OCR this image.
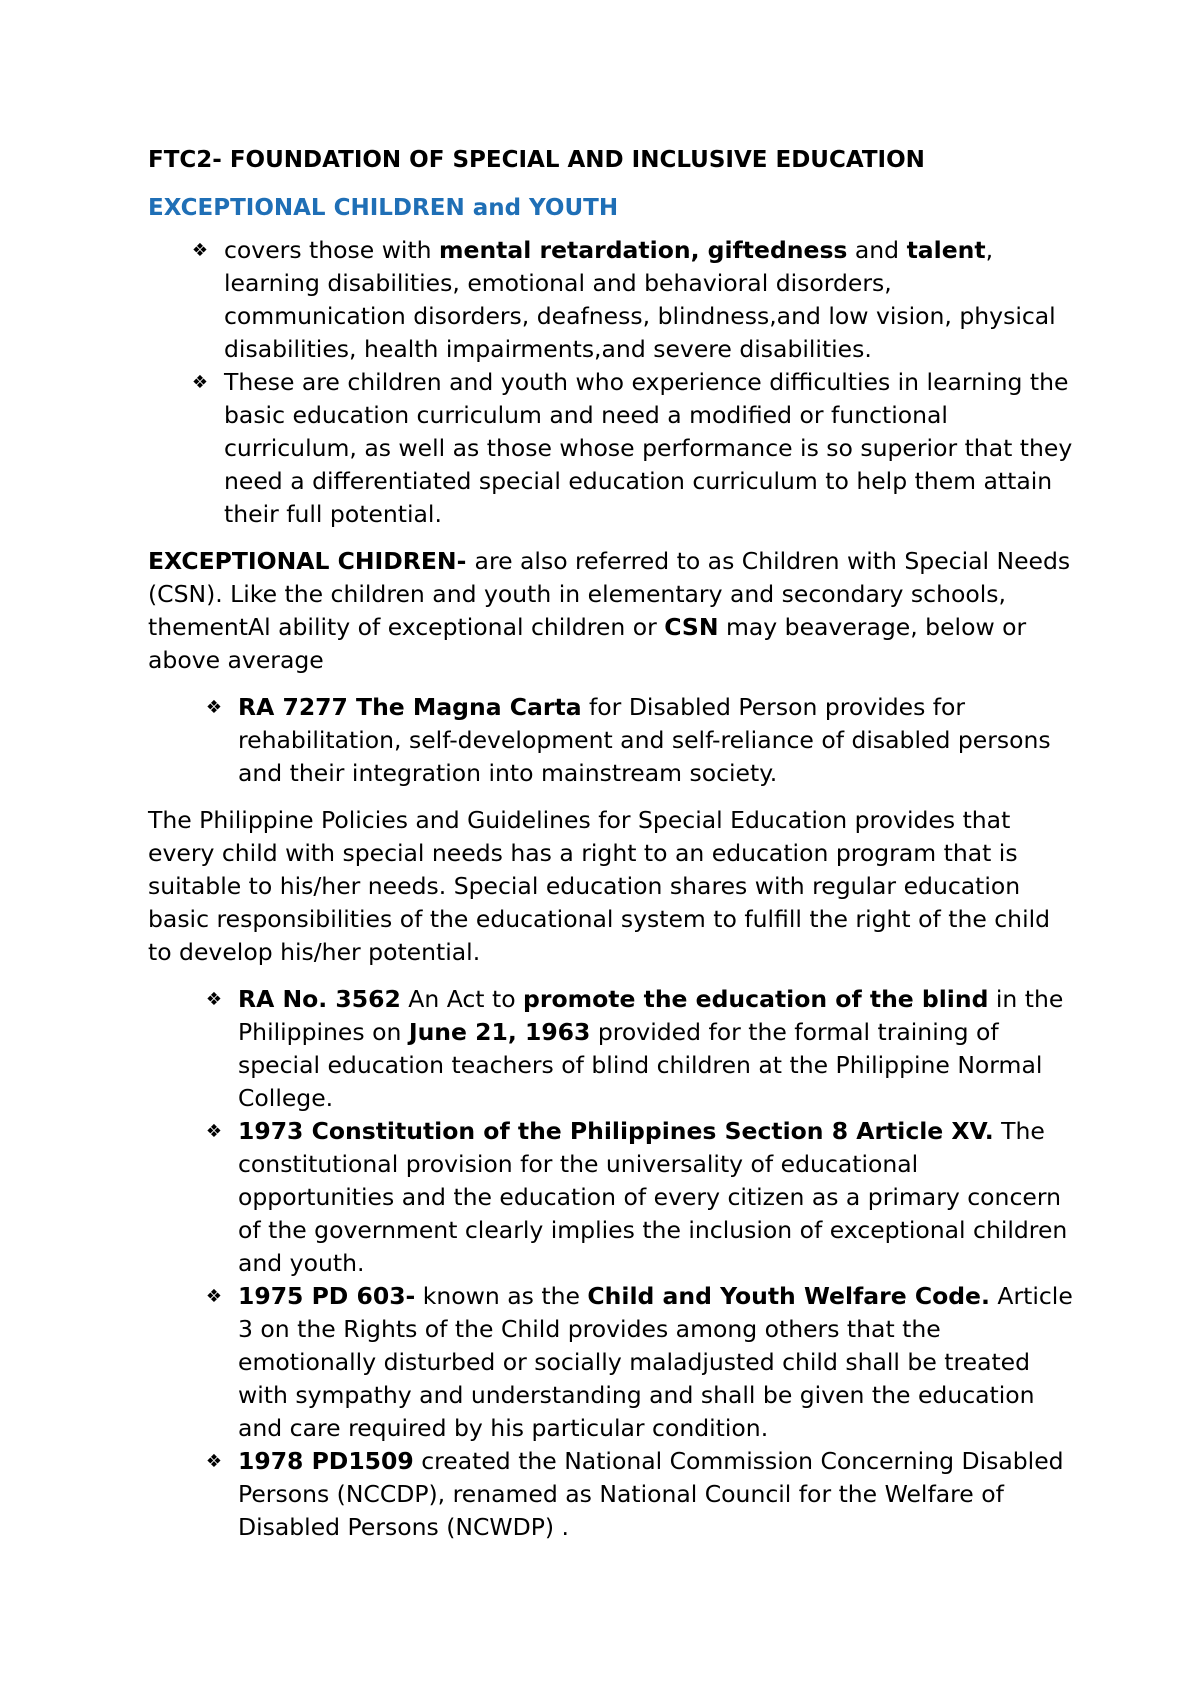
FTC2- FOUNDATION OF SPECIAL AND INCLUSIVE EDUCATION
EXCEPTIONAL CHILDREN and YOUTH
❖ covers those with mental retardation, giftedness and talent, learning disabilities, emotional and behavioral disorders, communication disorders, deafness, blindness,and low vision, physical disabilities, health impairments,and severe disabilities.
❖ These are children and youth who experience difficulties in learning the basic education curriculum and need a modified or functional curriculum, as well as those whose performance is so superior that they need a differentiated special education curriculum to help them attain their full potential.

EXCEPTIONAL CHIDREN- are also referred to as Children with Special Needs (CSN). Like the children and youth in elementary and secondary schools, thementAl ability of exceptional children or CSN may beaverage, below or above average

❖ RA 7277 The Magna Carta for Disabled Person provides for rehabilitation, self-development and self-reliance of disabled persons and their integration into mainstream society.

The Philippine Policies and Guidelines for Special Education provides that every child with special needs has a right to an education program that is suitable to his/her needs. Special education shares with regular education basic responsibilities of the educational system to fulfill the right of the child to develop his/her potential.

❖ RA No. 3562 An Act to promote the education of the blind in the Philippines on June 21, 1963 provided for the formal training of special education teachers of blind children at the Philippine Normal College.
❖ 1973 Constitution of the Philippines Section 8 Article XV. The constitutional provision for the universality of educational opportunities and the education of every citizen as a primary concern of the government clearly implies the inclusion of exceptional children and youth.
❖ 1975 PD 603- known as the Child and Youth Welfare Code. Article 3 on the Rights of the Child provides among others that the emotionally disturbed or socially maladjusted child shall be treated with sympathy and understanding and shall be given the education and care required by his particular condition.
❖ 1978 PD1509 created the National Commission Concerning Disabled Persons (NCCDP), renamed as National Council for the Welfare of Disabled Persons (NCWDP) .
